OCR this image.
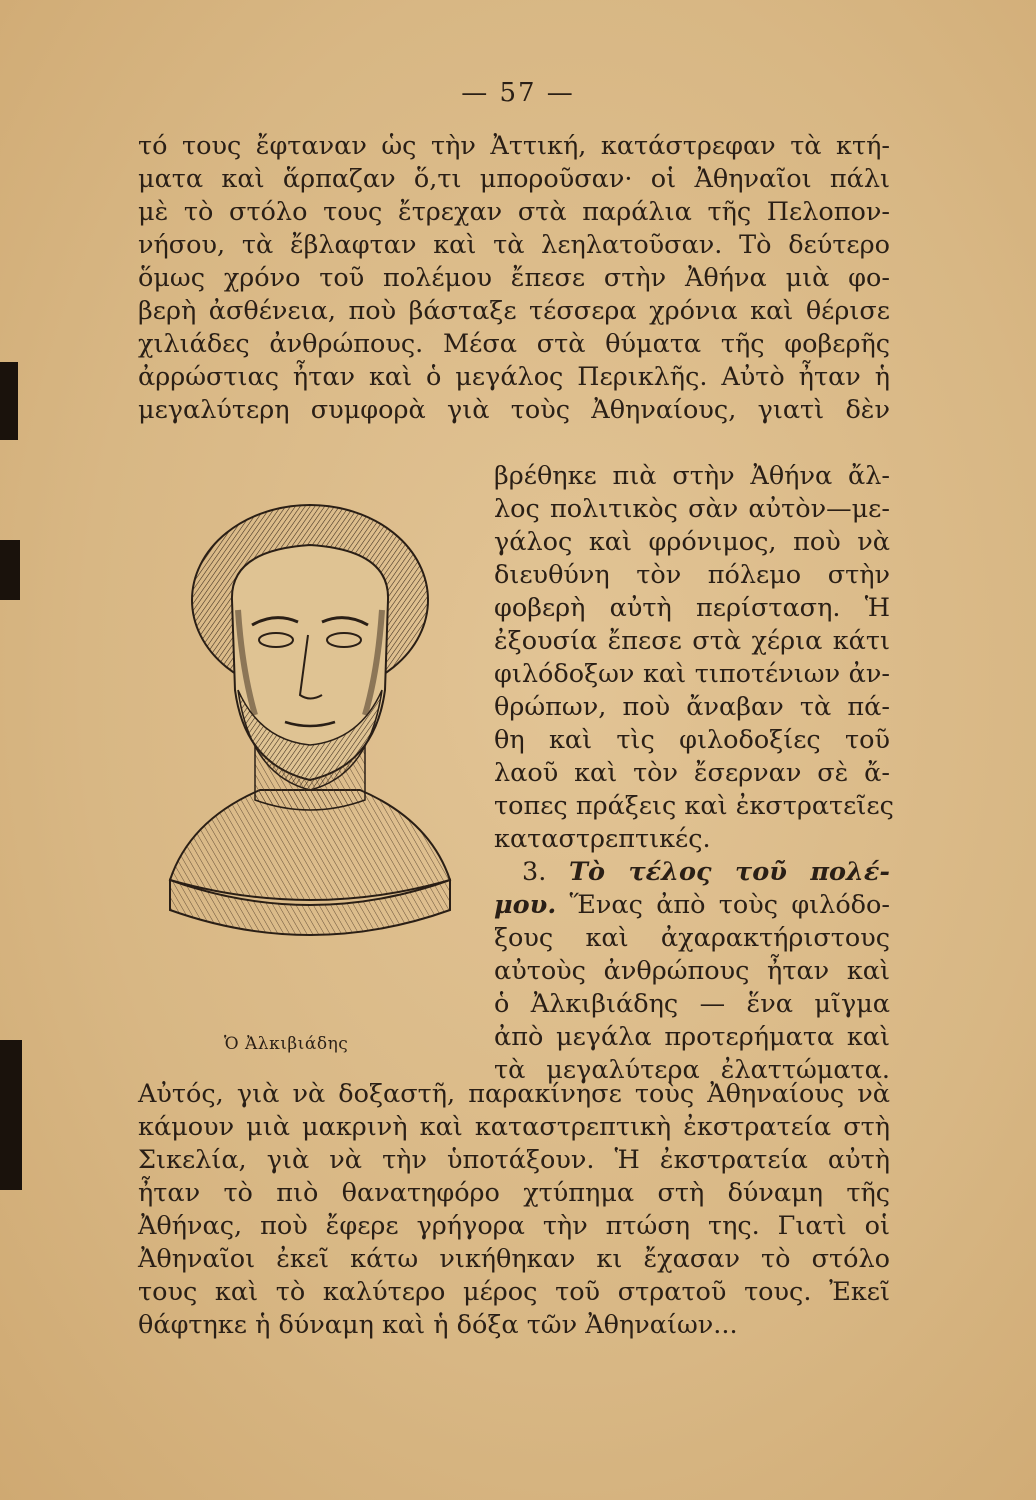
— 57 —
τό τους ἔφταναν ὡς τὴν Ἀττική, κατάστρεφαν τὰ κτή-
ματα καὶ ἅρπαζαν ὅ,τι μποροῦσαν· οἱ Ἀθηναῖοι πάλι
μὲ τὸ στόλο τους ἔτρεχαν στὰ παράλια τῆς Πελοπον-
νήσου, τὰ ἔβλαφταν καὶ τὰ λεηλατοῦσαν. Τὸ δεύτερο
ὅμως χρόνο τοῦ πολέμου ἔπεσε στὴν Ἀθήνα μιὰ φο-
βερὴ ἀσθένεια, ποὺ βάσταξε τέσσερα χρόνια καὶ θέρισε
χιλιάδες ἀνθρώπους. Μέσα στὰ θύματα τῆς φοβερῆς
ἀρρώστιας ἦταν καὶ ὁ μεγάλος Περικλῆς. Αὐτὸ ἦταν ἡ
μεγαλύτερη συμφορὰ γιὰ τοὺς Ἀθηναίους, γιατὶ δὲν
βρέθηκε πιὰ στὴν Ἀθήνα ἄλ-
λος πολιτικὸς σὰν αὐτὸν—με-
γάλος καὶ φρόνιμος, ποὺ νὰ
διευθύνη τὸν πόλεμο στὴν
φοβερὴ αὐτὴ περίσταση. Ἡ
ἐξουσία ἔπεσε στὰ χέρια κάτι
φιλόδοξων καὶ τιποτένιων ἀν-
θρώπων, ποὺ ἄναβαν τὰ πά-
θη καὶ τὶς φιλοδοξίες τοῦ
λαοῦ καὶ τὸν ἔσερναν σὲ ἄ-
τοπες πράξεις καὶ ἐκστρατεῖες
καταστρεπτικές.
3. Τὸ τέλος τοῦ πολέ-
μου. Ἕνας ἀπὸ τοὺς φιλόδο-
ξους καὶ ἀχαρακτήριστους
αὐτοὺς ἀνθρώπους ἦταν καὶ
ὁ Ἀλκιβιάδης — ἕνα μῖγμα
ἀπὸ μεγάλα προτερήματα καὶ
τὰ μεγαλύτερα ἐλαττώματα.
Ὁ Ἀλκιβιάδης
Αὐτός, γιὰ νὰ δοξαστῆ, παρακίνησε τοὺς Ἀθηναίους νὰ
κάμουν μιὰ μακρινὴ καὶ καταστρεπτικὴ ἐκστρατεία στὴ
Σικελία, γιὰ νὰ τὴν ὑποτάξουν. Ἡ ἐκστρατεία αὐτὴ
ἦταν τὸ πιὸ θανατηφόρο χτύπημα στὴ δύναμη τῆς
Ἀθήνας, ποὺ ἔφερε γρήγορα τὴν πτώση της. Γιατὶ οἱ
Ἀθηναῖοι ἐκεῖ κάτω νικήθηκαν κι ἔχασαν τὸ στόλο
τους καὶ τὸ καλύτερο μέρος τοῦ στρατοῦ τους. Ἐκεῖ
θάφτηκε ἡ δύναμη καὶ ἡ δόξα τῶν Ἀθηναίων...
